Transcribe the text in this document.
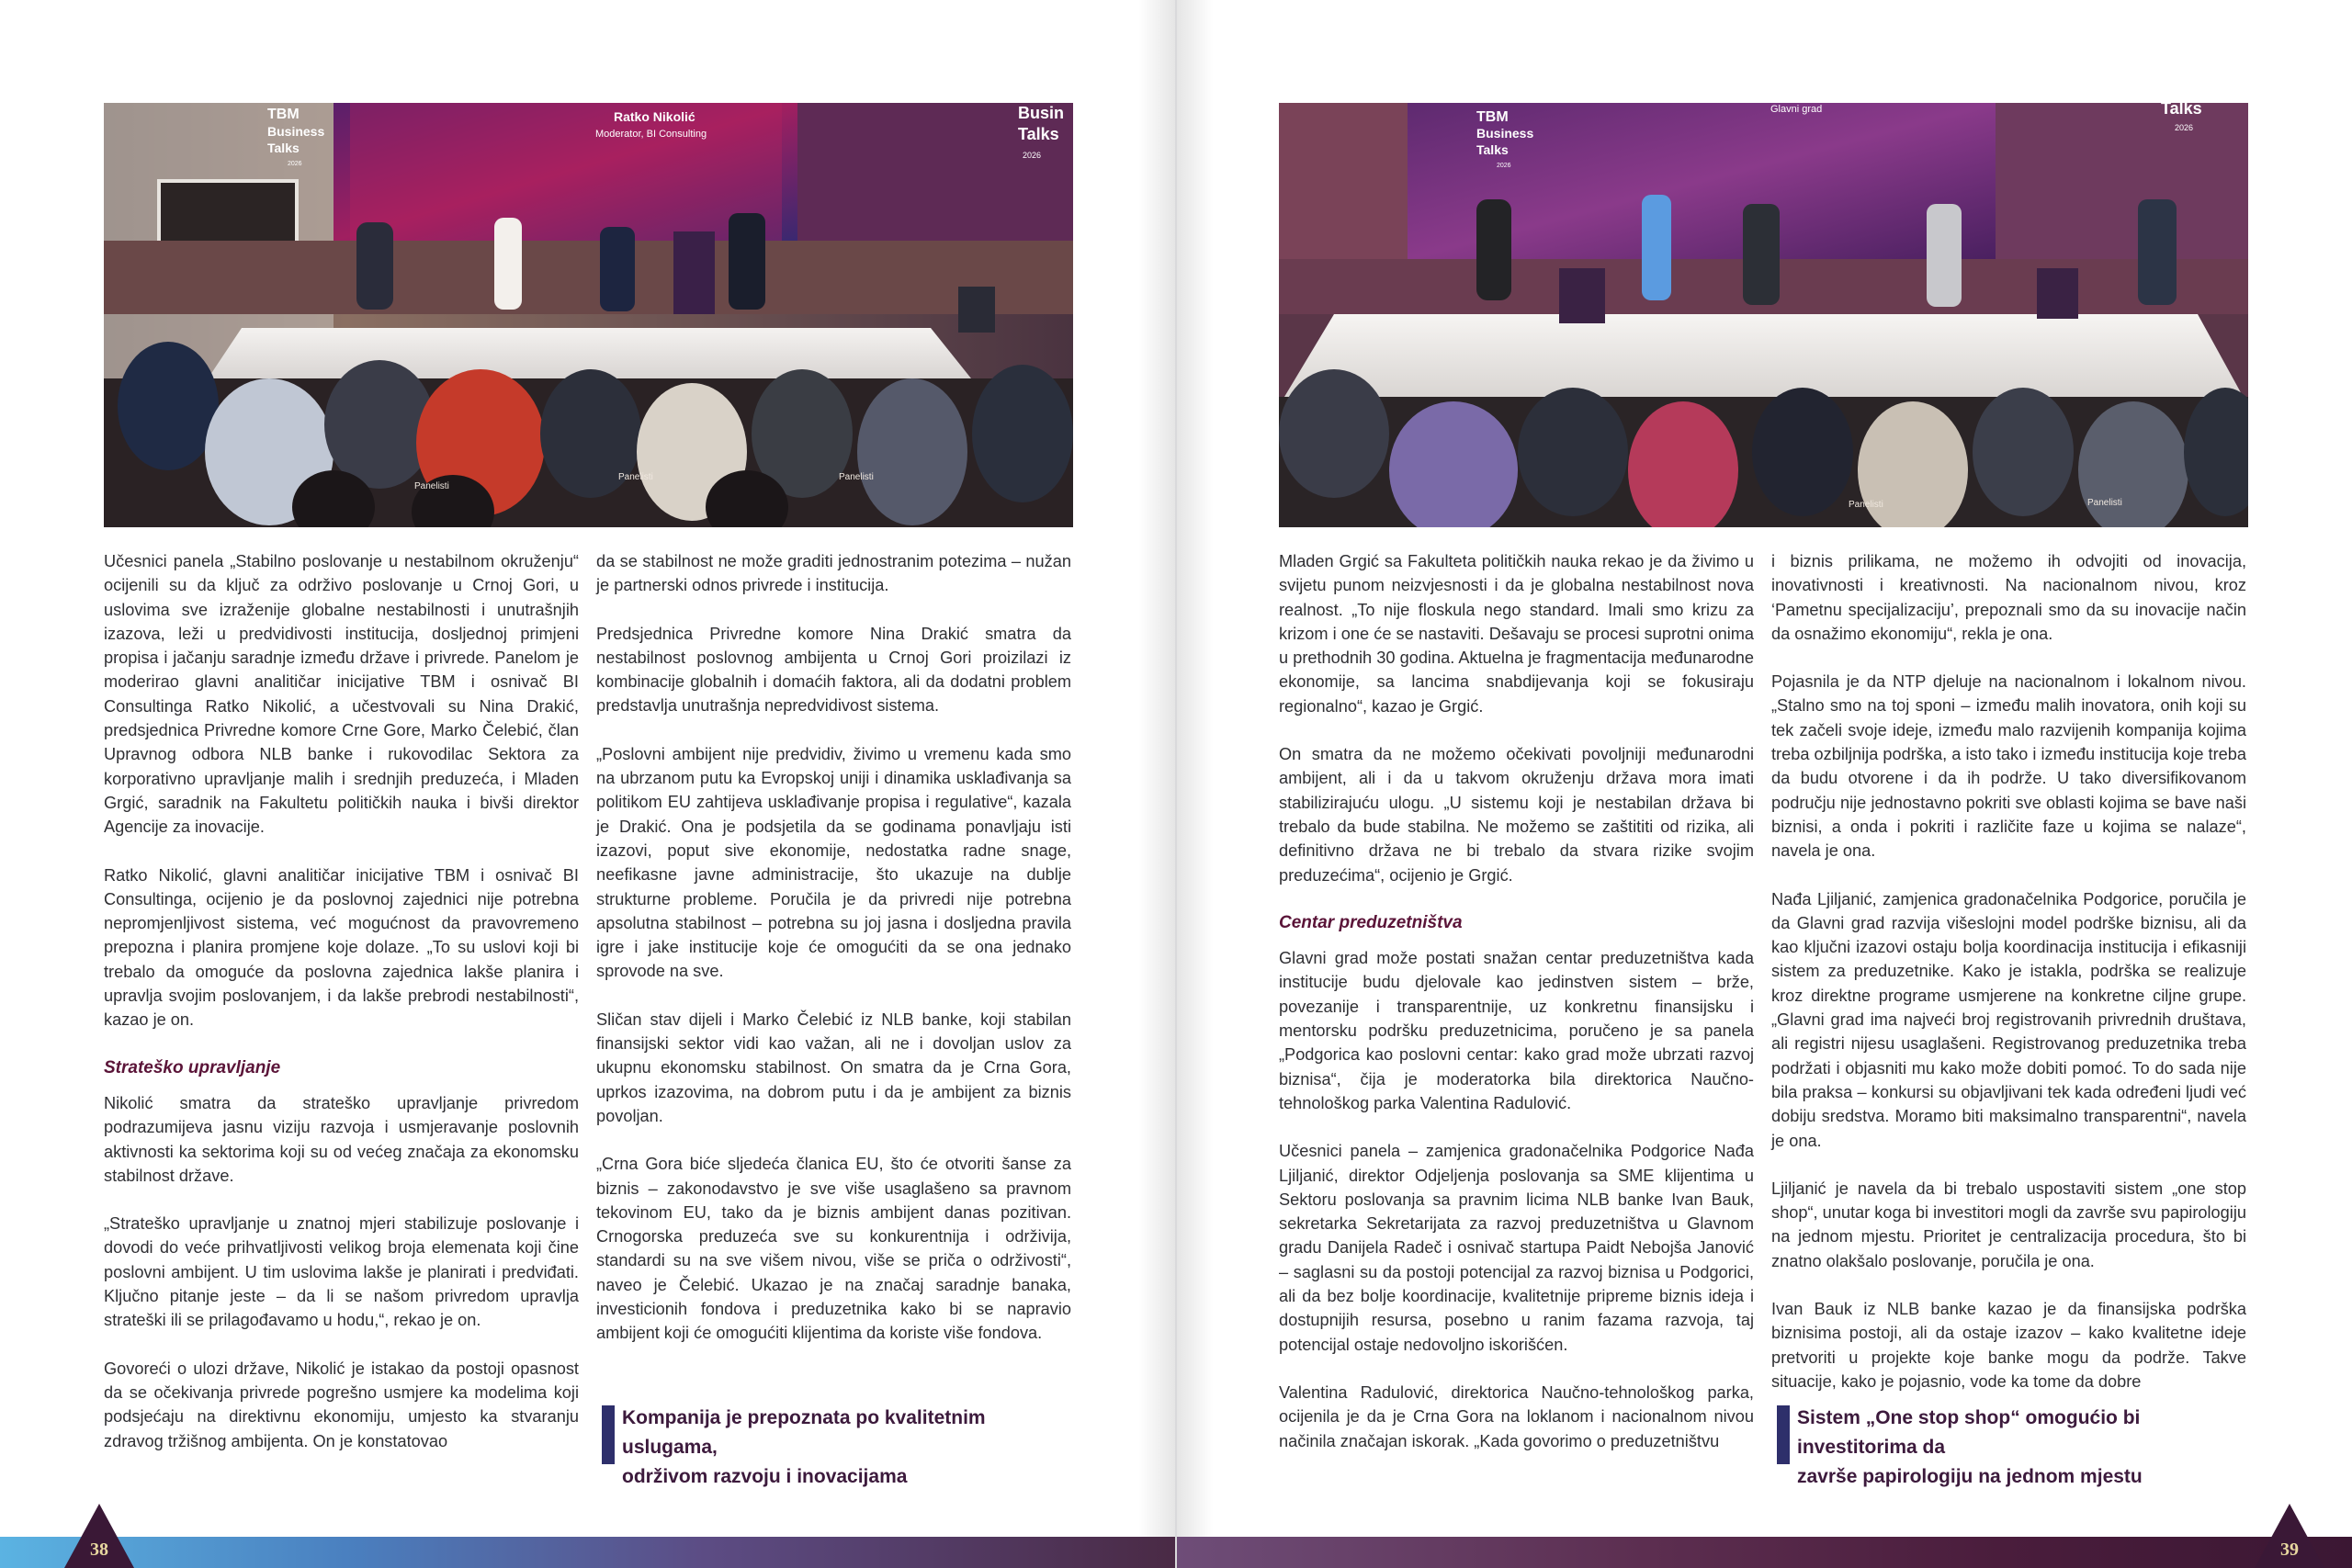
Panelisti
Panelisti	Panelisti
TBM
Business
Talks
2026
Ratko Nikolić
Moderator, BI Consulting
Busin
Talks
2026

Učesnici panela „Stabilno poslovanje u nestabilnom okruženju“ ocijenili su da ključ za održivo poslovanje u Crnoj Gori, u uslovima sve izraženije globalne nestabilnosti i unutrašnjih izazova, leži u predvidivosti institucija, dosljednoj primjeni propisa i jačanju saradnje između države i privrede. Panelom je moderirao glavni analitičar inicijative TBM i osnivač BI Consultinga Ratko Nikolić, a učestvovali su Nina Drakić, predsjednica Privredne komore Crne Gore, Marko Čelebić, član Upravnog odbora NLB banke i rukovodilac Sektora za korporativno upravljanje malih i srednjih preduzeća, i Mladen Grgić, saradnik na Fakultetu političkih nauka i bivši direktor Agencije za inovacije.

Ratko Nikolić, glavni analitičar inicijative TBM i osnivač BI Consultinga, ocijenio je da poslovnoj zajednici nije potrebna nepromjenljivost sistema, već mogućnost da pravovremeno prepozna i planira promjene koje dolaze. „To su uslovi koji bi trebalo da omoguće da poslovna zajednica lakše planira i upravlja svojim poslovanjem, i da lakše prebrodi nestabilnosti“, kazao je on.

Strateško upravljanje

Nikolić smatra da strateško upravljanje privredom podrazumijeva jasnu viziju razvoja i usmjeravanje poslovnih aktivnosti ka sektorima koji su od većeg značaja za ekonomsku stabilnost države.

„Strateško upravljanje u znatnoj mjeri stabilizuje poslovanje i dovodi do veće prihvatljivosti velikog broja elemenata koji čine poslovni ambijent. U tim uslovima lakše je planirati i predviđati. Ključno pitanje jeste – da li se našom privredom upravlja strateški ili se prilagođavamo u hodu,“, rekao je on.

Govoreći o ulozi države, Nikolić je istakao da postoji opasnost da se očekivanja privrede pogrešno usmjere ka modelima koji podsjećaju na direktivnu ekonomiju, umjesto ka stvaranju zdravog tržišnog ambijenta. On je konstatovao

da se stabilnost ne može graditi jednostranim potezima – nužan je partnerski odnos privrede i institucija.

Predsjednica Privredne komore Nina Drakić smatra da nestabilnost poslovnog ambijenta u Crnoj Gori proizilazi iz kombinacije globalnih i domaćih faktora, ali da dodatni problem predstavlja unutrašnja nepredvidivost sistema.

„Poslovni ambijent nije predvidiv, živimo u vremenu kada smo na ubrzanom putu ka Evropskoj uniji i dinamika usklađivanja sa politikom EU zahtijeva usklađivanje propisa i regulative“, kazala je Drakić. Ona je podsjetila da se godinama ponavljaju isti izazovi, poput sive ekonomije, nedostatka radne snage, neefikasne javne administracije, što ukazuje na dublje strukturne probleme. Poručila je da privredi nije potrebna apsolutna stabilnost – potrebna su joj jasna i dosljedna pravila igre i jake institucije koje će omogućiti da se ona jednako sprovode na sve.

Sličan stav dijeli i Marko Čelebić iz NLB banke, koji stabilan finansijski sektor vidi kao važan, ali ne i dovoljan uslov za ukupnu ekonomsku stabilnost. On smatra da je Crna Gora, uprkos izazovima, na dobrom putu i da je ambijent za biznis povoljan.

„Crna Gora biće sljedeća članica EU, što će otvoriti šanse za biznis – zakonodavstvo je sve više usaglašeno sa pravnom tekovinom EU, tako da je biznis ambijent danas pozitivan. Crnogorska preduzeća sve su konkurentnija i održivija, standardi su na sve višem nivou, više se priča o održivosti“, naveo je Čelebić. Ukazao je na značaj saradnje banaka, investicionih fondova i preduzetnika kako bi se napravio ambijent koji će omogućiti klijentima da koriste više fondova.

Kompanija je prepoznata po kvalitetnim uslugama,
održivom razvoju i inovacijama
38
Panelisti	Panelisti
TBM
Business
Talks
2026
Glavni grad	Talks
2026

Mladen Grgić sa Fakulteta političkih nauka rekao je da živimo u svijetu punom neizvjesnosti i da je globalna nestabilnost nova realnost. „To nije floskula nego standard. Imali smo krizu za krizom i one će se nastaviti. Dešavaju se procesi suprotni onima u prethodnih 30 godina. Aktuelna je fragmentacija međunarodne ekonomije, sa lancima snabdijevanja koji se fokusiraju regionalno“, kazao je Grgić.

On smatra da ne možemo očekivati povoljniji međunarodni ambijent, ali i da u takvom okruženju država mora imati stabilizirajuću ulogu. „U sistemu koji je nestabilan država bi trebalo da bude stabilna. Ne možemo se zaštititi od rizika, ali definitivno država ne bi trebalo da stvara rizike svojim preduzećima“, ocijenio je Grgić.

Centar preduzetništva

Glavni grad može postati snažan centar preduzetništva kada institucije budu djelovale kao jedinstven sistem – brže, povezanije i transparentnije, uz konkretnu finansijsku i mentorsku podršku preduzetnicima, poručeno je sa panela „Podgorica kao poslovni centar: kako grad može ubrzati razvoj biznisa“, čija je moderatorka bila direktorica Naučno-tehnološkog parka Valentina Radulović.

Učesnici panela – zamjenica gradonačelnika Podgorice Nađa Ljiljanić, direktor Odjeljenja poslovanja sa SME klijentima u Sektoru poslovanja sa pravnim licima NLB banke Ivan Bauk, sekretarka Sekretarijata za razvoj preduzetništva u Glavnom gradu Danijela Radeč i osnivač startupa Paidt Nebojša Janović – saglasni su da postoji potencijal za razvoj biznisa u Podgorici, ali da bez bolje koordinacije, kvalitetnije pripreme biznis ideja i dostupnijih resursa, posebno u ranim fazama razvoja, taj potencijal ostaje nedovoljno iskorišćen.

Valentina Radulović, direktorica Naučno-tehnološkog parka, ocijenila je da je Crna Gora na loklanom i nacionalnom nivou načinila značajan iskorak. „Kada govorimo o preduzetništvu

i biznis prilikama, ne možemo ih odvojiti od inovacija, inovativnosti i kreativnosti. Na nacionalnom nivou, kroz ‘Pametnu specijalizaciju’, prepoznali smo da su inovacije način da osnažimo ekonomiju“, rekla je ona.

Pojasnila je da NTP djeluje na nacionalnom i lokalnom nivou. „Stalno smo na toj sponi – između malih inovatora, onih koji su tek začeli svoje ideje, između malo razvijenih kompanija kojima treba ozbiljnija podrška, a isto tako i između institucija koje treba da budu otvorene i da ih podrže. U tako diversifikovanom području nije jednostavno pokriti sve oblasti kojima se bave naši biznisi, a onda i pokriti i različite faze u kojima se nalaze“, navela je ona.

Nađa Ljiljanić, zamjenica gradonačelnika Podgorice, poručila je da Glavni grad razvija višeslojni model podrške biznisu, ali da kao ključni izazovi ostaju bolja koordinacija institucija i efikasniji sistem za preduzetnike. Kako je istakla, podrška se realizuje kroz direktne programe usmjerene na konkretne ciljne grupe. „Glavni grad ima najveći broj registrovanih privrednih društava, ali registri nijesu usaglašeni. Registrovanog preduzetnika treba podržati i objasniti mu kako može dobiti pomoć. To do sada nije bila praksa – konkursi su objavljivani tek kada određeni ljudi već dobiju sredstva. Moramo biti maksimalno transparentni“, navela je ona.

Ljiljanić je navela da bi trebalo uspostaviti sistem „one stop shop“, unutar koga bi investitori mogli da završe svu papirologiju na jednom mjestu. Prioritet je centralizacija procedura, što bi znatno olakšalo poslovanje, poručila je ona.

Ivan Bauk iz NLB banke kazao je da finansijska podrška biznisima postoji, ali da ostaje izazov – kako kvalitetne ideje pretvoriti u projekte koje banke mogu da podrže. Takve situacije, kako je pojasnio, vode ka tome da dobre

Sistem „One stop shop“ omogućio bi investitorima da
završe papirologiju na jednom mjestu
39
